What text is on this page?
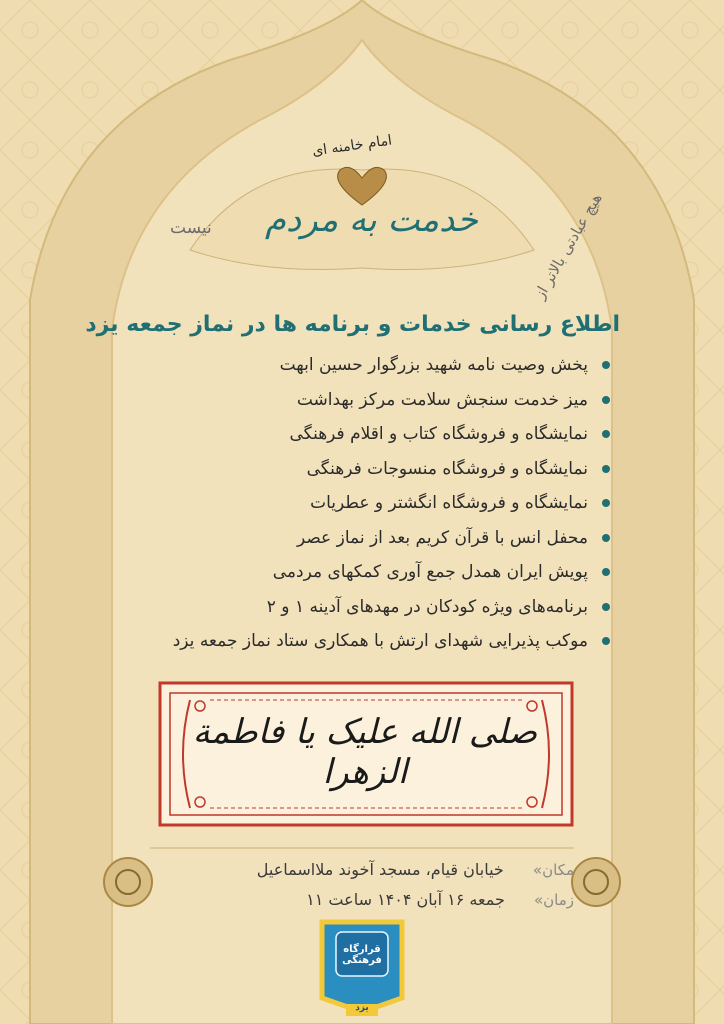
نیست خدمت به مردم	هیچ عبادتی بالاتر از
امام خامنه ای
اطلاع رسانی خدمات و برنامه ها در نماز جمعه یزد
پخش وصیت نامه شهید بزرگوار حسین ابهت
میز خدمت سنجش سلامت مرکز بهداشت
نمایشگاه و فروشگاه کتاب و اقلام فرهنگی
نمایشگاه و فروشگاه منسوجات فرهنگی
نمایشگاه و فروشگاه انگشتر و عطریات
محفل انس با قرآن کریم بعد از نماز عصر
پویش ایران همدل جمع آوری کمکهای مردمی
برنامه‌های ویژه کودکان در مهدهای آدینه ۱ و ۲
موکب پذیرایی شهدای ارتش با همکاری ستاد نماز جمعه یزد
صلی الله علیک یا فاطمة الزهرا
مکان» خیابان قیام، مسجد آخوند ملااسماعیل
زمان» جمعه ۱۶ آبان ۱۴۰۴ ساعت ۱۱
قرارگاه فرهنگی
یزد
